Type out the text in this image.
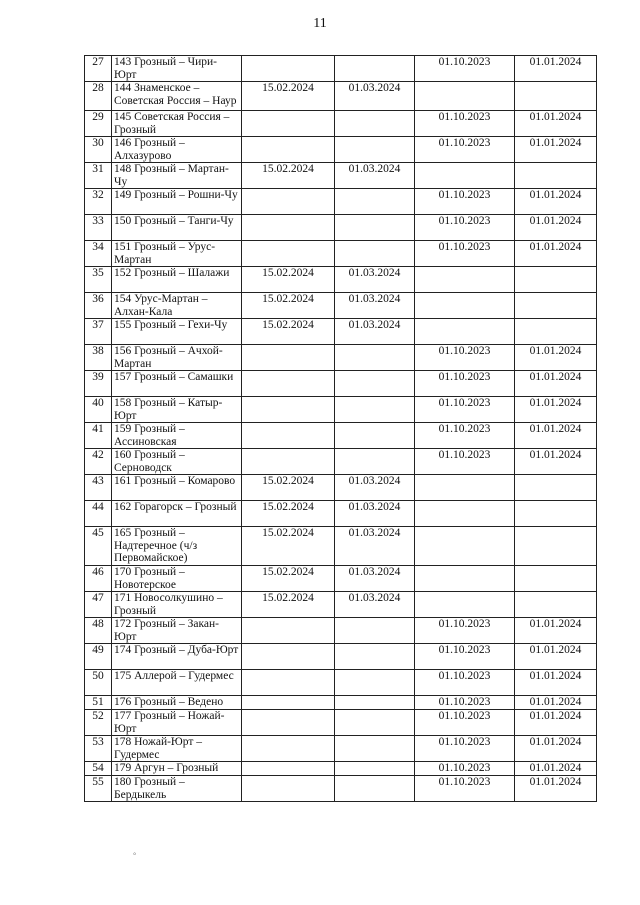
11
27	143 Грозный – Чири-Юрт			01.10.2023	01.01.2024
28	144 Знаменское – Советская Россия – Наур	15.02.2024	01.03.2024		
29	145 Советская Россия – Грозный			01.10.2023	01.01.2024
30	146 Грозный – Алхазурово			01.10.2023	01.01.2024
31	148 Грозный – Мартан-Чу	15.02.2024	01.03.2024		
32	149 Грозный – Рошни-Чу			01.10.2023	01.01.2024
33	150 Грозный – Танги-Чу			01.10.2023	01.01.2024
34	151 Грозный – Урус-Мартан			01.10.2023	01.01.2024
35	152 Грозный – Шалажи	15.02.2024	01.03.2024		
36	154 Урус-Мартан – Алхан-Кала	15.02.2024	01.03.2024		
37	155 Грозный – Гехи-Чу	15.02.2024	01.03.2024		
38	156 Грозный – Ачхой-Мартан			01.10.2023	01.01.2024
39	157 Грозный – Самашки			01.10.2023	01.01.2024
40	158 Грозный – Катыр-Юрт			01.10.2023	01.01.2024
41	159 Грозный – Ассиновская			01.10.2023	01.01.2024
42	160 Грозный – Серноводск			01.10.2023	01.01.2024
43	161 Грозный – Комарово	15.02.2024	01.03.2024		
44	162 Горагорск – Грозный	15.02.2024	01.03.2024		
45	165 Грозный – Надтеречное (ч/з Первомайское)	15.02.2024	01.03.2024		
46	170 Грозный – Новотерское	15.02.2024	01.03.2024		
47	171 Новосолкушино – Грозный	15.02.2024	01.03.2024		
48	172 Грозный – Закан-Юрт			01.10.2023	01.01.2024
49	174 Грозный – Дуба-Юрт			01.10.2023	01.01.2024
50	175 Аллерой – Гудермес			01.10.2023	01.01.2024
51	176 Грозный – Ведено			01.10.2023	01.01.2024
52	177 Грозный – Ножай-Юрт			01.10.2023	01.01.2024
53	178 Ножай-Юрт – Гудермес			01.10.2023	01.01.2024
54	179 Аргун – Грозный			01.10.2023	01.01.2024
55	180 Грозный – Бердыкель			01.10.2023	01.01.2024
°
